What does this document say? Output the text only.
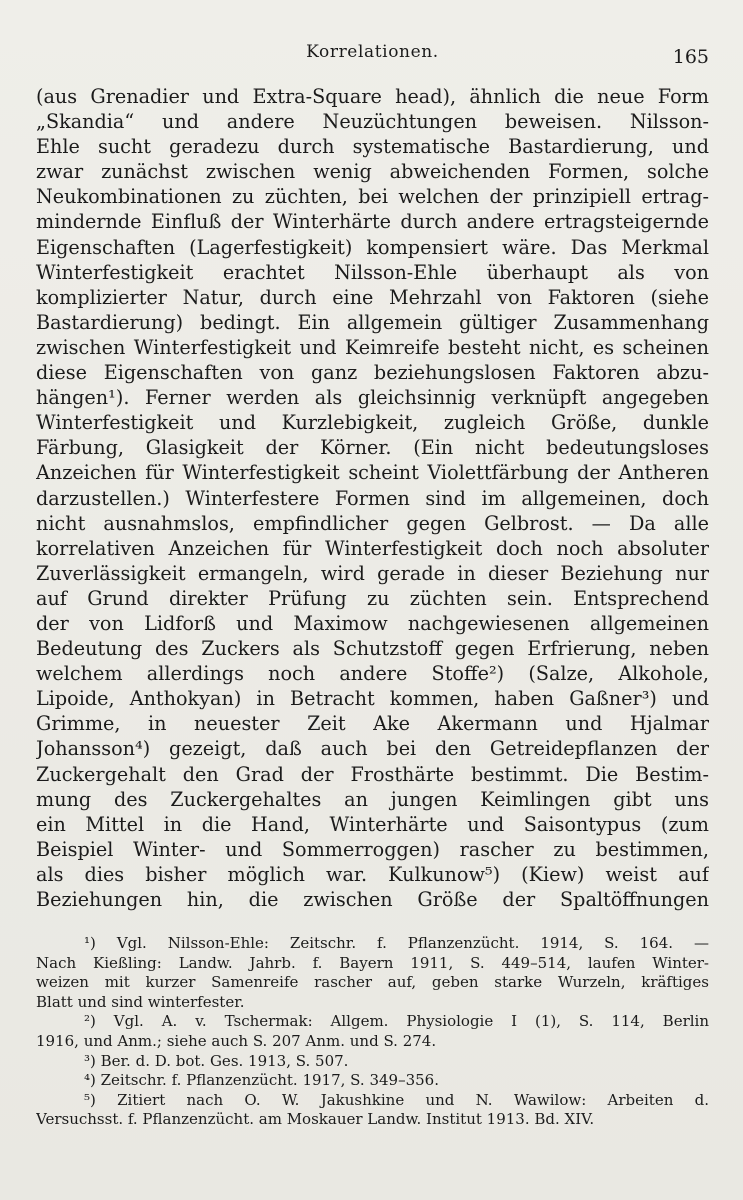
Korrelationen.	165
(aus Grenadier und Extra-Square head), ähnlich die neue Form
„Skandia“ und andere Neuzüchtungen beweisen. Nilsson-
Ehle sucht geradezu durch systematische Bastardierung, und
zwar zunächst zwischen wenig abweichenden Formen, solche
Neukombinationen zu züchten, bei welchen der prinzipiell ertrag-
mindernde Einfluß der Winterhärte durch andere ertragsteigernde
Eigenschaften (Lagerfestigkeit) kompensiert wäre. Das Merkmal
Winterfestigkeit erachtet Nilsson-Ehle überhaupt als von
komplizierter Natur, durch eine Mehrzahl von Faktoren (siehe
Bastardierung) bedingt. Ein allgemein gültiger Zusammenhang
zwischen Winterfestigkeit und Keimreife besteht nicht, es scheinen
diese Eigenschaften von ganz beziehungslosen Faktoren abzu-
hängen¹). Ferner werden als gleichsinnig verknüpft angegeben
Winterfestigkeit und Kurzlebigkeit, zugleich Größe, dunkle
Färbung, Glasigkeit der Körner. (Ein nicht bedeutungsloses
Anzeichen für Winterfestigkeit scheint Violettfärbung der Antheren
darzustellen.) Winterfestere Formen sind im allgemeinen, doch
nicht ausnahmslos, empfindlicher gegen Gelbrost. — Da alle
korrelativen Anzeichen für Winterfestigkeit doch noch absoluter
Zuverlässigkeit ermangeln, wird gerade in dieser Beziehung nur
auf Grund direkter Prüfung zu züchten sein. Entsprechend
der von Lidforß und Maximow nachgewiesenen allgemeinen
Bedeutung des Zuckers als Schutzstoff gegen Erfrierung, neben
welchem allerdings noch andere Stoffe²) (Salze, Alkohole,
Lipoide, Anthokyan) in Betracht kommen, haben Gaßner³) und
Grimme, in neuester Zeit Ake Akermann und Hjalmar
Johansson⁴) gezeigt, daß auch bei den Getreidepflanzen der
Zuckergehalt den Grad der Frosthärte bestimmt. Die Bestim-
mung des Zuckergehaltes an jungen Keimlingen gibt uns
ein Mittel in die Hand, Winterhärte und Saisontypus (zum
Beispiel Winter- und Sommerroggen) rascher zu bestimmen,
als dies bisher möglich war. Kulkunow⁵) (Kiew) weist auf
Beziehungen hin, die zwischen Größe der Spaltöffnungen
¹) Vgl. Nilsson-Ehle: Zeitschr. f. Pflanzenzücht. 1914, S. 164. —
Nach Kießling: Landw. Jahrb. f. Bayern 1911, S. 449–514, laufen Winter-
weizen mit kurzer Samenreife rascher auf, geben starke Wurzeln, kräftiges
Blatt und sind winterfester.
²) Vgl. A. v. Tschermak: Allgem. Physiologie I (1), S. 114, Berlin
1916, und Anm.; siehe auch S. 207 Anm. und S. 274.
³) Ber. d. D. bot. Ges. 1913, S. 507.
⁴) Zeitschr. f. Pflanzenzücht. 1917, S. 349–356.
⁵) Zitiert nach O. W. Jakushkine und N. Wawilow: Arbeiten d.
Versuchsst. f. Pflanzenzücht. am Moskauer Landw. Institut 1913. Bd. XIV.
